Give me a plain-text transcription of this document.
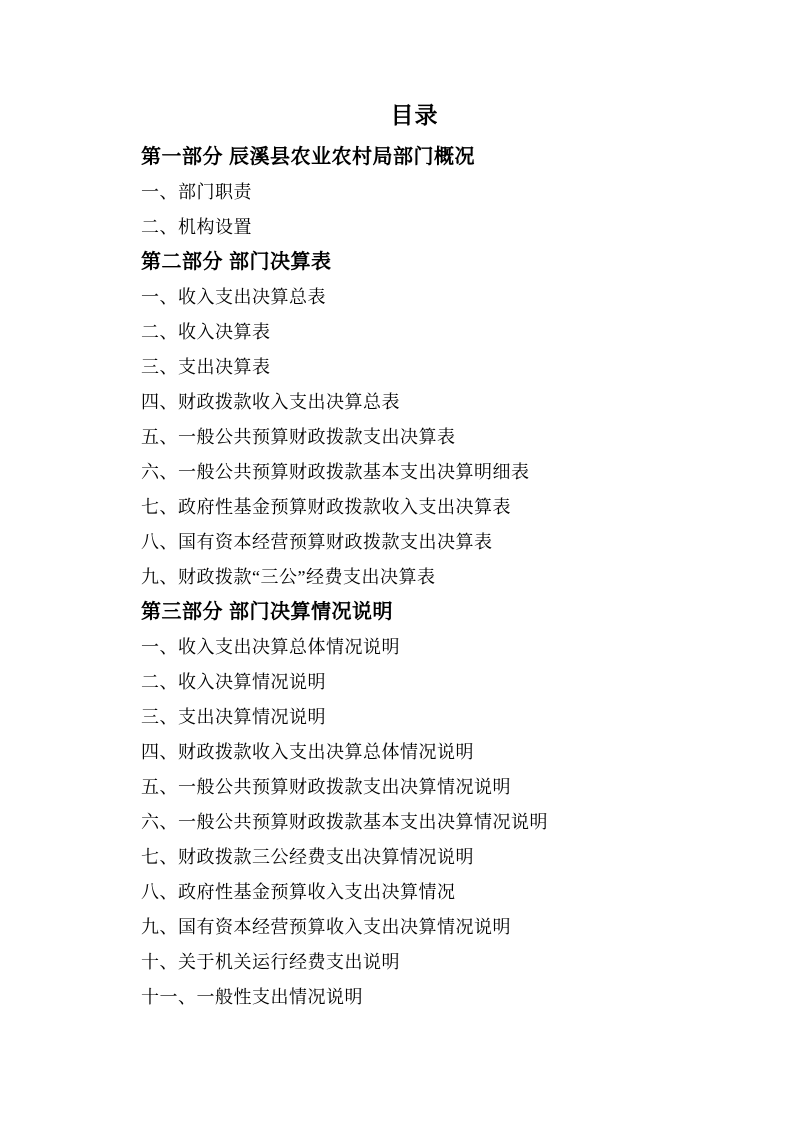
目录
第一部分 辰溪县农业农村局部门概况
一、部门职责
二、机构设置
第二部分 部门决算表
一、收入支出决算总表
二、收入决算表
三、支出决算表
四、财政拨款收入支出决算总表
五、一般公共预算财政拨款支出决算表
六、一般公共预算财政拨款基本支出决算明细表
七、政府性基金预算财政拨款收入支出决算表
八、国有资本经营预算财政拨款支出决算表
九、财政拨款“三公”经费支出决算表
第三部分 部门决算情况说明
一、收入支出决算总体情况说明
二、收入决算情况说明
三、支出决算情况说明
四、财政拨款收入支出决算总体情况说明
五、一般公共预算财政拨款支出决算情况说明
六、一般公共预算财政拨款基本支出决算情况说明
七、财政拨款三公经费支出决算情况说明
八、政府性基金预算收入支出决算情况
九、国有资本经营预算收入支出决算情况说明
十、关于机关运行经费支出说明
十一、一般性支出情况说明
